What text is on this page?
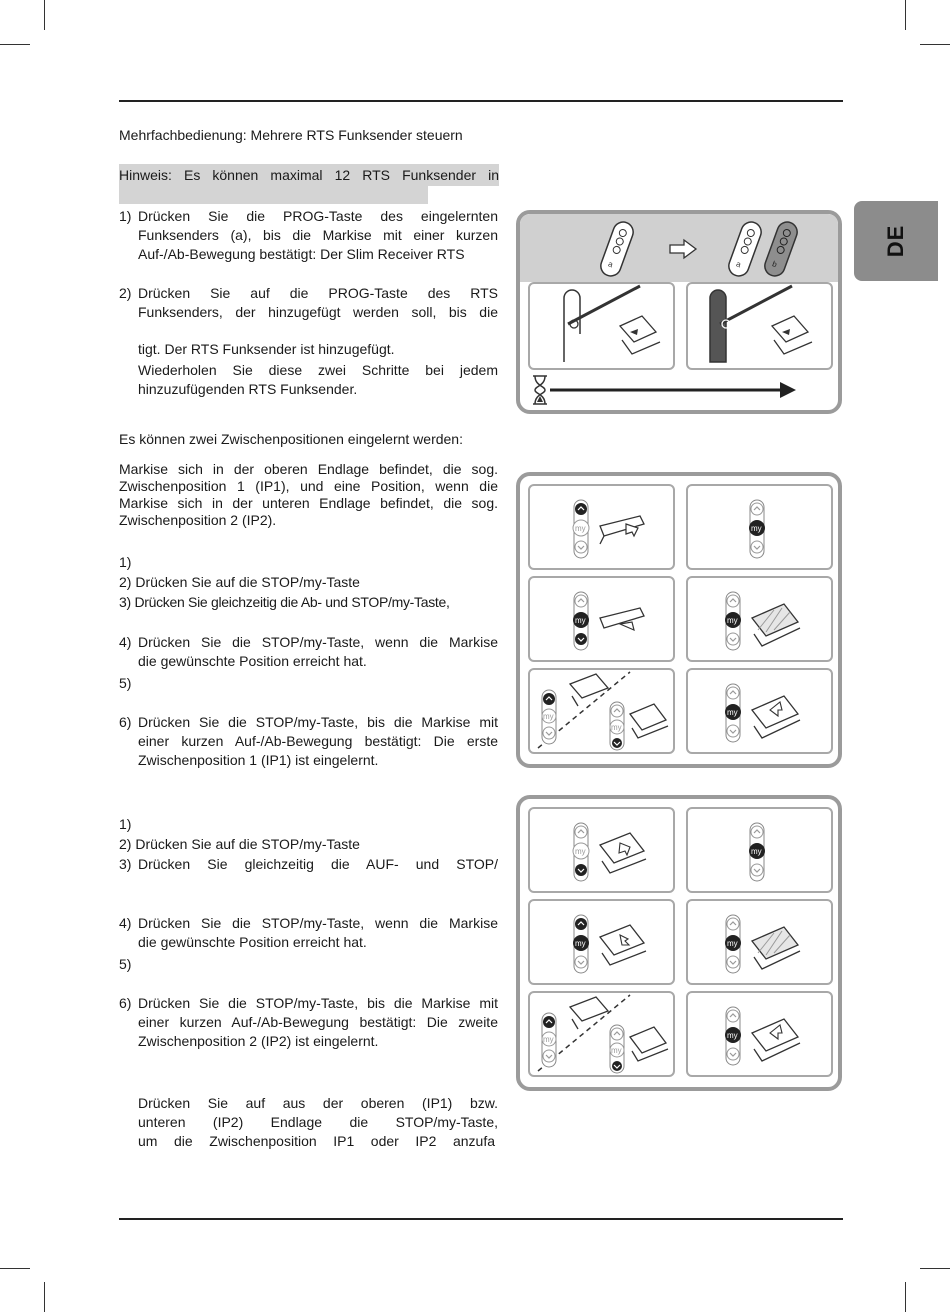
DE
Mehrfachbedienung: Mehrere RTS Funksender steuern
Hinweis: Es können maximal 12 RTS Funksender in
1) Drücken Sie die PROG-Taste des eingelernten
Funksenders (a), bis die Markise mit einer kurzen
Auf-/Ab-Bewegung bestätigt: Der Slim Receiver RTS
2) Drücken Sie auf die PROG-Taste des RTS
Funksenders, der hinzugefügt werden soll, bis die
tigt. Der RTS Funksender ist hinzugefügt.
Wiederholen Sie diese zwei Schritte bei jedem
hinzuzufügenden RTS Funksender.
Es können zwei Zwischenpositionen eingelernt werden:
Markise sich in der oberen Endlage befindet, die sog.
Zwischenposition 1 (IP1), und eine Position, wenn die
Markise sich in der unteren Endlage befindet, die sog.
Zwischenposition 2 (IP2).
1)
2) Drücken Sie auf die STOP/my-Taste
3) Drücken Sie gleichzeitig die Ab- und STOP/my-Taste,
4) Drücken Sie die STOP/my-Taste, wenn die Markise
die gewünschte Position erreicht hat.
5)
6) Drücken Sie die STOP/my-Taste, bis die Markise mit
einer kurzen Auf-/Ab-Bewegung bestätigt: Die erste
Zwischenposition 1 (IP1) ist eingelernt.
1)
2) Drücken Sie auf die STOP/my-Taste
3) Drücken Sie gleichzeitig die AUF- und STOP/
4) Drücken Sie die STOP/my-Taste, wenn die Markise
die gewünschte Position erreicht hat.
5)
6) Drücken Sie die STOP/my-Taste, bis die Markise mit
einer kurzen Auf-/Ab-Bewegung bestätigt: Die zweite
Zwischenposition 2 (IP2) ist eingelernt.
Drücken Sie auf aus der oberen (IP1) bzw.
unteren (IP2) Endlage die STOP/my-Taste,
um die Zwischenposition IP1 oder IP2 anzufa
a	a	b
my	my
my	my
my
my
my
my	my
my	my
my
my
my
